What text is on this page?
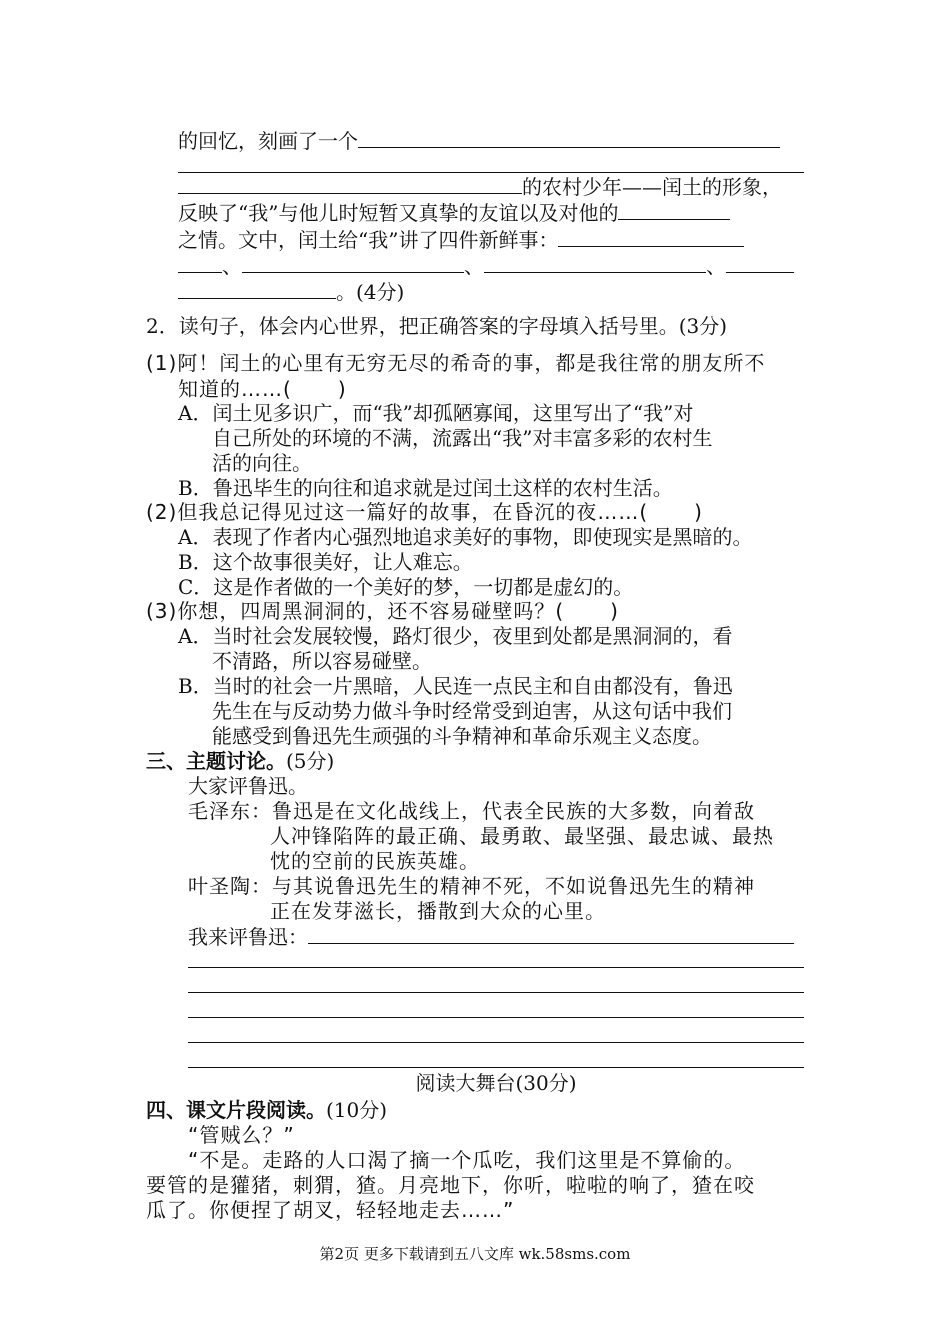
的回忆，刻画了一个
的农村少年——闰土的形象，
反映了“我”与他儿时短暂又真挚的友谊以及对他的
之情。文中，闰土给“我”讲了四件新鲜事：
、	、	、
。(4分)
2．读句子，体会内心世界，把正确答案的字母填入括号里。(3分)
(1)阿！闰土的心里有无穷无尽的希奇的事，都是我往常的朋友所不
知道的……( )
A．闰土见多识广，而“我”却孤陋寡闻，这里写出了“我”对
自己所处的环境的不满，流露出“我”对丰富多彩的农村生
活的向往。
B．鲁迅毕生的向往和追求就是过闰土这样的农村生活。
(2)但我总记得见过这一篇好的故事，在昏沉的夜……( )
A．表现了作者内心强烈地追求美好的事物，即使现实是黑暗的。
B．这个故事很美好，让人难忘。
C．这是作者做的一个美好的梦，一切都是虚幻的。
(3)你想，四周黑洞洞的，还不容易碰壁吗？( )
A．当时社会发展较慢，路灯很少，夜里到处都是黑洞洞的，看
不清路，所以容易碰壁。
B．当时的社会一片黑暗，人民连一点民主和自由都没有，鲁迅
先生在与反动势力做斗争时经常受到迫害，从这句话中我们
能感受到鲁迅先生顽强的斗争精神和革命乐观主义态度。
三、主题讨论。(5分)
大家评鲁迅。
毛泽东：鲁迅是在文化战线上，代表全民族的大多数，向着敌
人冲锋陷阵的最正确、最勇敢、最坚强、最忠诚、最热
忱的空前的民族英雄。
叶圣陶：与其说鲁迅先生的精神不死，不如说鲁迅先生的精神
正在发芽滋长，播散到大众的心里。
我来评鲁迅：
阅读大舞台(30分)
四、课文片段阅读。(10分)
“管贼么？”
“不是。走路的人口渴了摘一个瓜吃，我们这里是不算偷的。
要管的是獾猪，刺猬，猹。月亮地下，你听，啦啦的响了，猹在咬
瓜了。你便捏了胡叉，轻轻地走去……”
第2页 更多下载请到五八文库 wk.58sms.com
